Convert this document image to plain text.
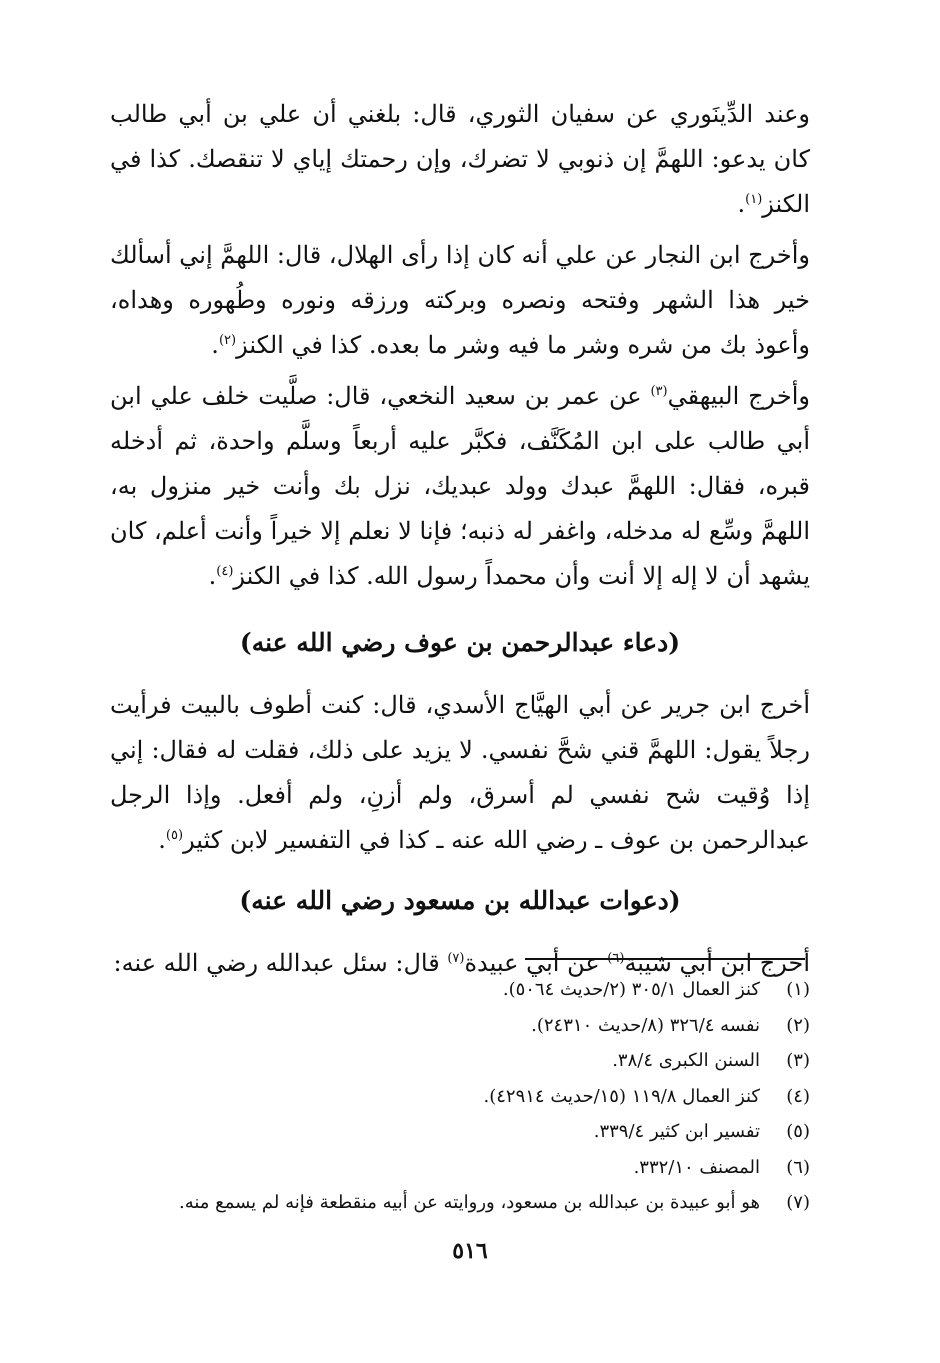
وعند الدِّينَوري عن سفيان الثوري، قال: بلغني أن علي بن أبي طالب كان يدعو: اللهمَّ إن ذنوبي لا تضرك، وإن رحمتك إياي لا تنقصك. كذا في الكنز$^{(١)}$.

وأخرج ابن النجار عن علي أنه كان إذا رأى الهلال، قال: اللهمَّ إني أسألك خير هذا الشهر وفتحه ونصره وبركته ورزقه ونوره وطُهوره وهداه، وأعوذ بك من شره وشر ما فيه وشر ما بعده. كذا في الكنز$^{(٢)}$.

وأخرج البيهقي$^{(٣)}$ عن عمر بن سعيد النخعي، قال: صلَّيت خلف علي ابن أبي طالب على ابن المُكَنَّف، فكبَّر عليه أربعاً وسلَّم واحدة، ثم أدخله قبره، فقال: اللهمَّ عبدك وولد عبديك، نزل بك وأنت خير منزول به، اللهمَّ وسِّع له مدخله، واغفر له ذنبه؛ فإنا لا نعلم إلا خيراً وأنت أعلم، كان يشهد أن لا إله إلا أنت وأن محمداً رسول الله. كذا في الكنز$^{(٤)}$.

(دعاء عبدالرحمن بن عوف رضي الله عنه)

أخرج ابن جرير عن أبي الهيَّاج الأسدي، قال: كنت أطوف بالبيت فرأيت رجلاً يقول: اللهمَّ قني شحَّ نفسي. لا يزيد على ذلك، فقلت له فقال: إني إذا وُقيت شح نفسي لم أسرق، ولم أزنِ، ولم أفعل. وإذا الرجل عبدالرحمن بن عوف ـ رضي الله عنه ـ كذا في التفسير لابن كثير$^{(٥)}$.

(دعوات عبدالله بن مسعود رضي الله عنه)

أخرج ابن أبي شيبة$^{(٦)}$ عن أبي عبيدة$^{(٧)}$ قال: سئل عبدالله رضي الله عنه:

(١)كنز العمال ٣٠٥/١ (٢/حديث ٥٠٦٤).
(٢)نفسه ٣٢٦/٤ (٨/حديث ٢٤٣١٠).
(٣)السنن الكبرى ٣٨/٤.
(٤)كنز العمال ١١٩/٨ (١٥/حديث ٤٢٩١٤).
(٥)تفسير ابن كثير ٣٣٩/٤.
(٦)المصنف ٣٣٢/١٠.
(٧)هو أبو عبيدة بن عبدالله بن مسعود، وروايته عن أبيه منقطعة فإنه لم يسمع منه.
٥١٦
